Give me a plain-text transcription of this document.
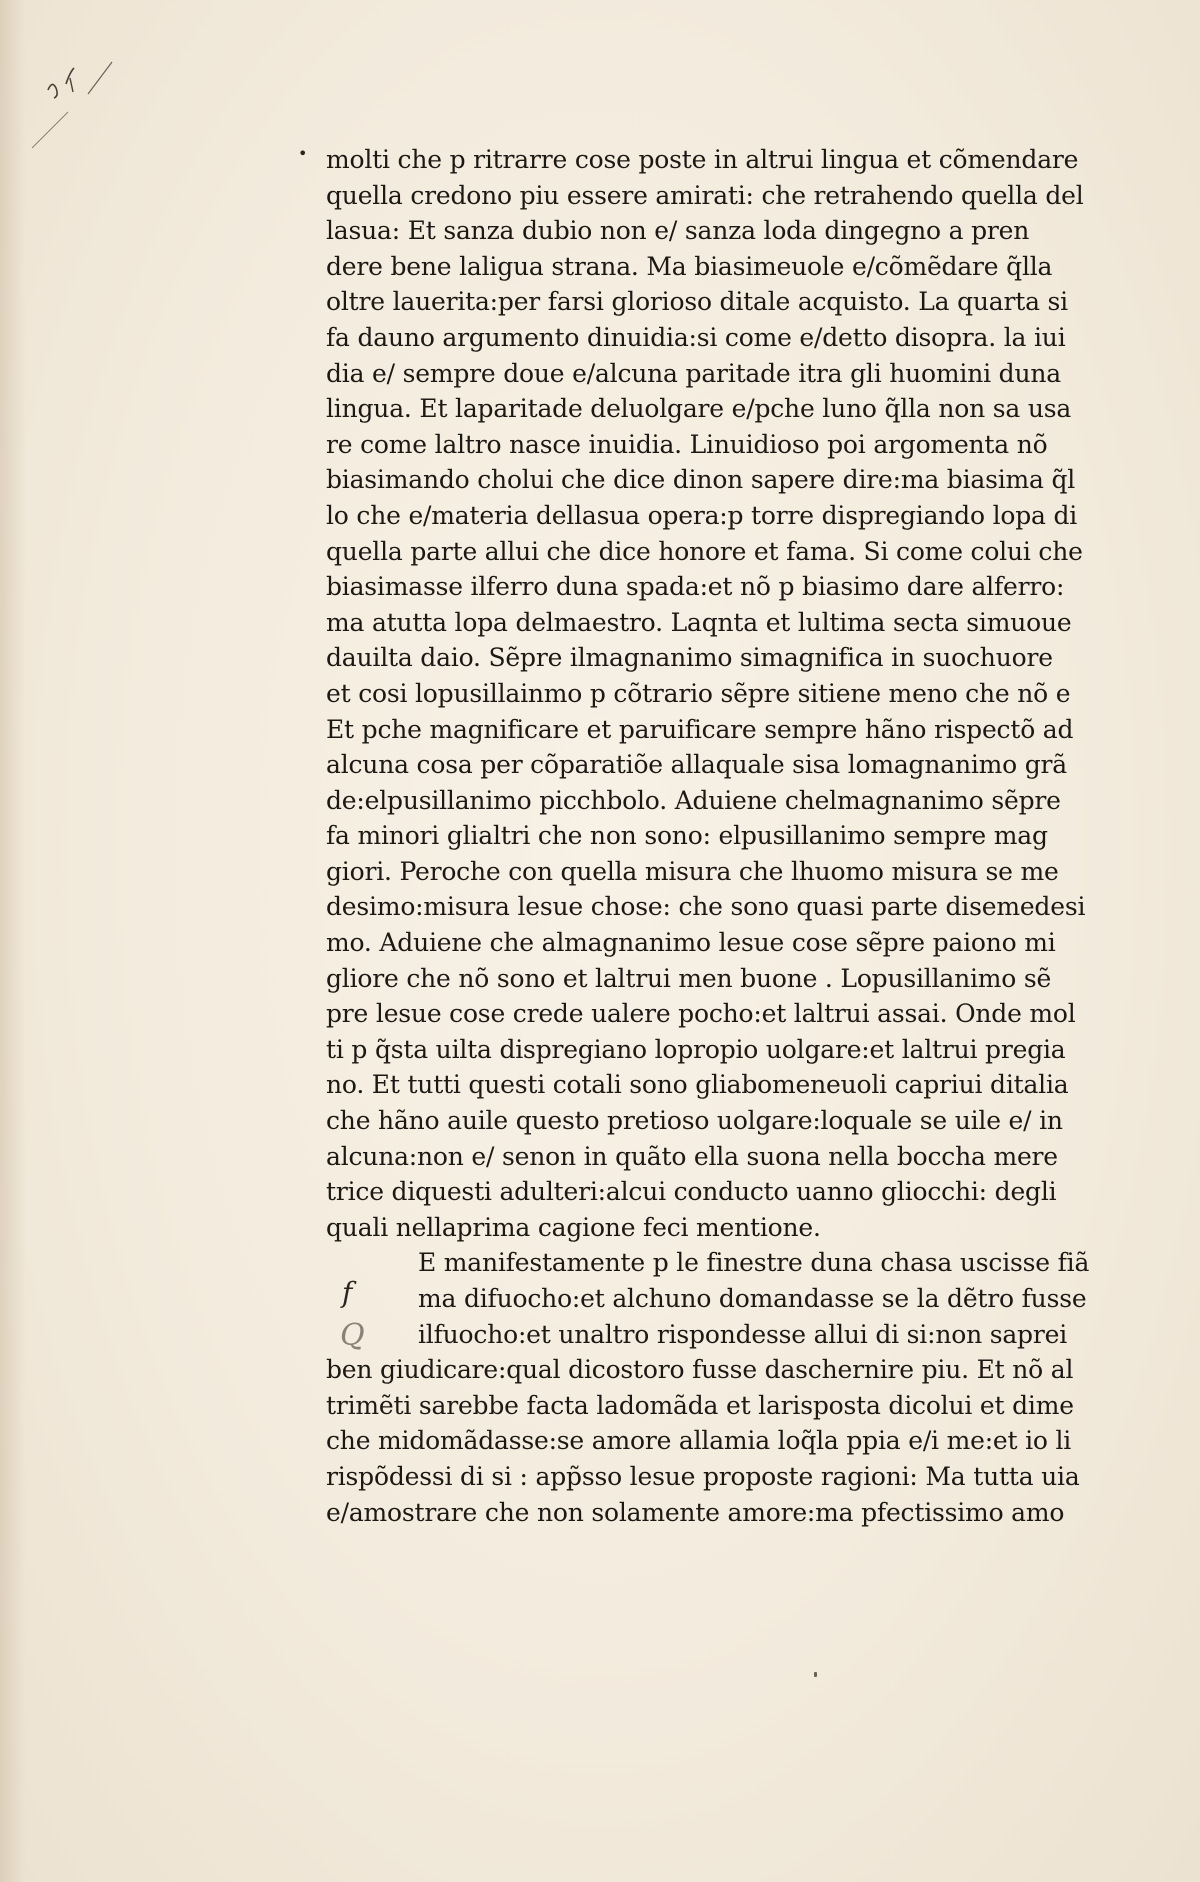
•
f
Q
molti che p ritrarre cose poste in altrui lingua et cõmendare
quella credono piu essere amirati: che retrahendo quella del
lasua: Et sanza dubio non e/ sanza loda dingegno a pren
dere bene laligua strana. Ma biasimeuole e/cõmẽdare q̃lla
oltre lauerita:per farsi glorioso ditale acquisto. La quarta si
fa dauno argumento dinuidia:si come e/detto disopra. la iui
dia e/ sempre doue e/alcuna paritade itra gli huomini duna
lingua. Et laparitade deluolgare e/pche luno q̃lla non sa usa
re come laltro nasce inuidia. Linuidioso poi argomenta nõ
biasimando cholui che dice dinon sapere dire:ma biasima q̃l
lo che e/materia dellasua opera:p torre dispregiando lopa di
quella parte allui che dice honore et fama. Si come colui che
biasimasse ilferro duna spada:et nõ p biasimo dare alferro:
ma atutta lopa delmaestro. Laqnta et lultima secta simuoue
dauilta daio. Sẽpre ilmagnanimo simagnifica in suochuore
et cosi lopusillainmo p cõtrario sẽpre sitiene meno che nõ e
Et pche magnificare et paruificare sempre hãno rispectõ ad
alcuna cosa per cõparatiõe allaquale sisa lomagnanimo grã
de:elpusillanimo picchbolo. Aduiene chelmagnanimo sẽpre
fa minori glialtri che non sono: elpusillanimo sempre mag
giori. Peroche con quella misura che lhuomo misura se me
desimo:misura lesue chose: che sono quasi parte disemedesi
mo. Aduiene che almagnanimo lesue cose sẽpre paiono mi
gliore che nõ sono et laltrui men buone . Lopusillanimo sẽ
pre lesue cose crede ualere pocho:et laltrui assai. Onde mol
ti p q̃sta uilta dispregiano lopropio uolgare:et laltrui pregia
no. Et tutti questi cotali sono gliabomeneuoli capriui ditalia
che hãno auile questo pretioso uolgare:loquale se uile e/ in
alcuna:non e/ senon in quãto ella suona nella boccha mere
trice diquesti adulteri:alcui conducto uanno gliocchi: degli
quali nellaprima cagione feci mentione.
E manifestamente p le finestre duna chasa uscisse fiã
ma difuocho:et alchuno domandasse se la dẽtro fusse
ilfuocho:et unaltro rispondesse allui di si:non saprei
ben giudicare:qual dicostoro fusse daschernire piu. Et nõ al
trimẽti sarebbe facta ladomãda et larisposta dicolui et dime
che midomãdasse:se amore allamia loq̃la ppia e/i me:et io li
rispõdessi di si : app̃sso lesue proposte ragioni: Ma tutta uia
e/amostrare che non solamente amore:ma pfectissimo amo
